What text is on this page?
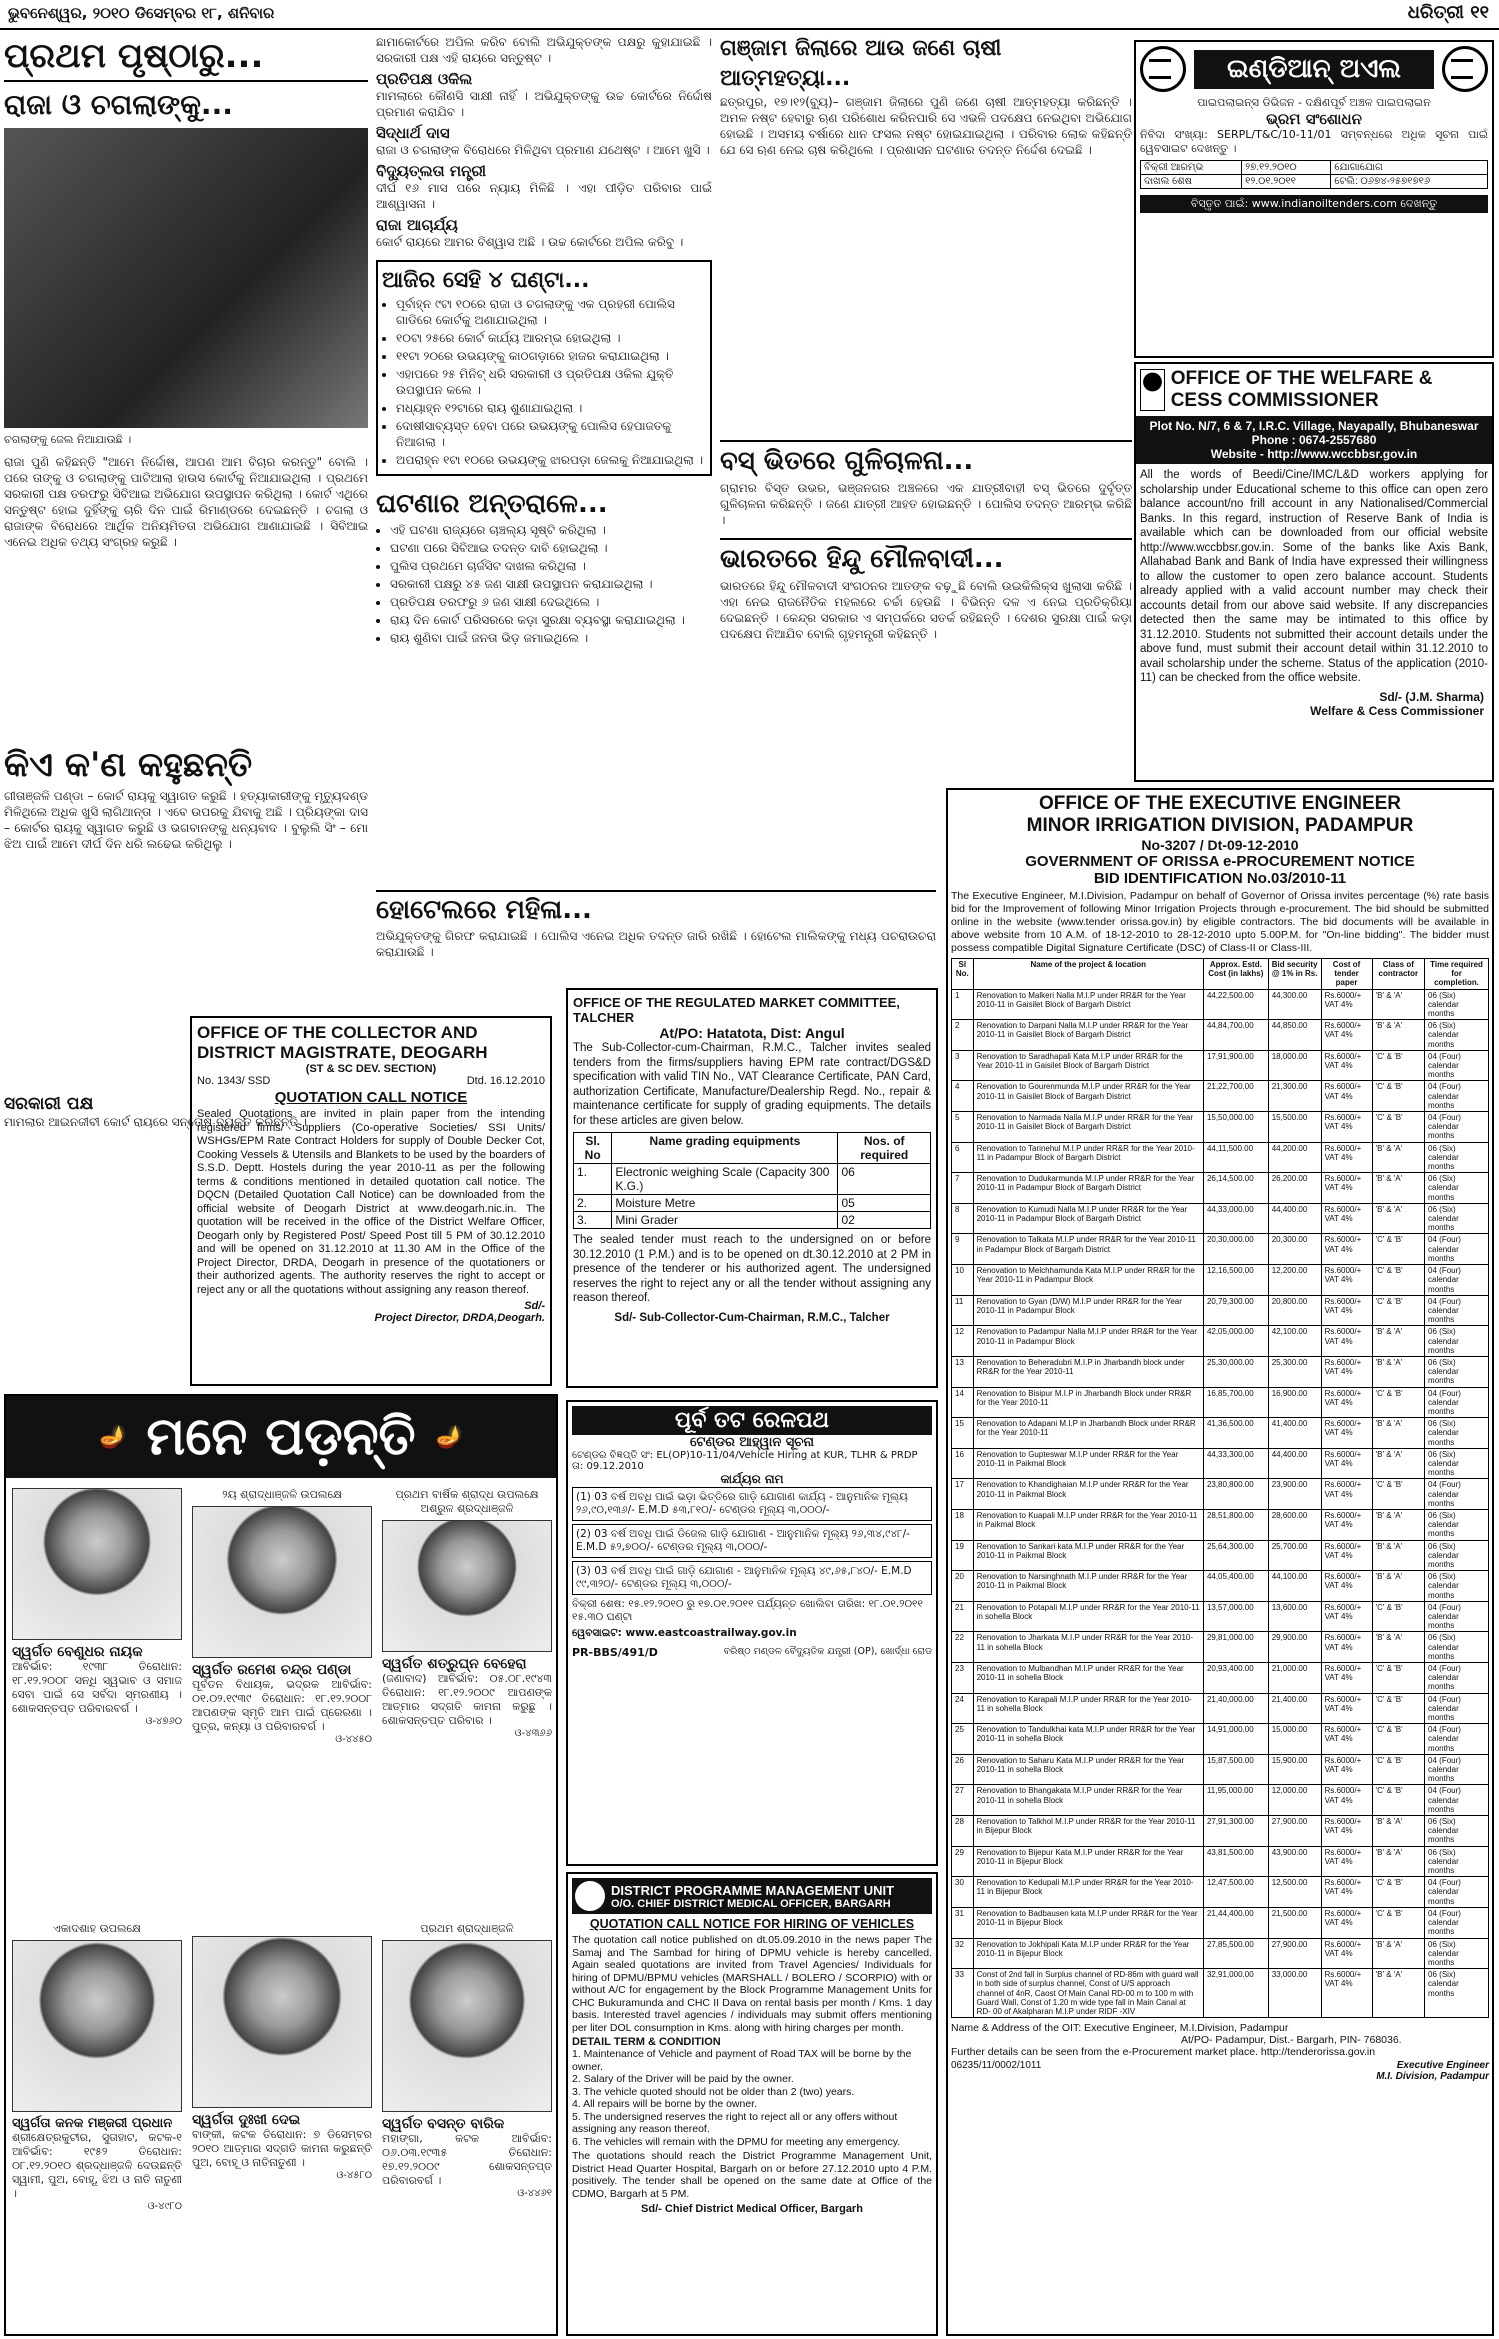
ଭୁବନେଶ୍ୱର, ୨୦୧୦ ଡିସେମ୍ବର ୧୮, ଶନିବାର	ଧରିତ୍ରୀ ୧୧
ପ୍ରଥମ ପୃଷ୍ଠାରୁ...
ରାଜା ଓ ଚଗଲାଙ୍କୁ...
ଚଗଲାଙ୍କୁ ଜେଲ ନିଆଯାଉଛି ।
ରାଜା ପୁଣି କହିଛନ୍ତି "ଆମେ ନିର୍ଦ୍ଦୋଷ, ଆପଣ ଆମ ବିଚାର କରନ୍ତୁ" ବୋଲି । ପରେ ତାଙ୍କୁ ଓ ଚଗଲାଙ୍କୁ ପାଟିଆଲା ହାଉସ କୋର୍ଟକୁ ନିଆଯାଇଥିଲା । ପ୍ରଥମେ ସରକାରୀ ପକ୍ଷ ତରଫରୁ ସିବିଆଇ ଅଭିଯୋଗ ଉପସ୍ଥାପନ କରିଥିଲା । କୋର୍ଟ ଏଥିରେ ସନ୍ତୁଷ୍ଟ ହୋଇ ଦୁହିଁଙ୍କୁ ଚାରି ଦିନ ପାଇଁ ରିମାଣ୍ଡରେ ଦେଇଛନ୍ତି । ଚଗଲା ଓ ରାଜାଙ୍କ ବିରୋଧରେ ଆର୍ଥିକ ଅନିୟମିତତା ଅଭିଯୋଗ ଆଣାଯାଇଛି । ସିବିଆଇ ଏନେଇ ଅଧିକ ତଥ୍ୟ ସଂଗ୍ରହ କରୁଛି ।
କିଏ କ'ଣ କହୁଛନ୍ତି
ଗୀତାଞ୍ଜଳି ପଣ୍ଡା – କୋର୍ଟ ରାୟକୁ ସ୍ୱାଗତ କରୁଛି । ହତ୍ୟାକାରୀଙ୍କୁ ମୃତ୍ୟୁଦଣ୍ଡ ମିଳିଥିଲେ ଅଧିକ ଖୁସି ଲାଗିଥାନ୍ତା । ଏବେ ଉପରକୁ ଯିବାକୁ ଅଛି । ପ୍ରିୟଙ୍କା ଦାସ – କୋର୍ଟର ରାୟକୁ ସ୍ୱାଗତ କରୁଛି ଓ ଭଗବାନଙ୍କୁ ଧନ୍ୟବାଦ । ବୁଲୁଲି ସିଂ – ମୋ ଝିଅ ପାଇଁ ଆମେ ଦୀର୍ଘ ଦିନ ଧରି ଲଢେଇ କରିଥିଲୁ ।
ସରକାରୀ ପକ୍ଷ
ମାମଲାର ଆଇନଜୀବୀ କୋର୍ଟ ରାୟରେ ସନ୍ତୋଷ ବ୍ୟକ୍ତ କରିଛନ୍ତି ।
ଛାମାକୋର୍ଟରେ ଅପିଲ କରିବ ବୋଲି ଅଭିଯୁକ୍ତଙ୍କ ପକ୍ଷରୁ କୁହାଯାଇଛି । ସରକାରୀ ପକ୍ଷ ଏହି ରାୟରେ ସନ୍ତୁଷ୍ଟ ।
ପ୍ରତିପକ୍ଷ ଓକିଲ
ମାମଲାରେ କୌଣସି ସାକ୍ଷୀ ନାହିଁ । ଅଭିଯୁକ୍ତଙ୍କୁ ଉଚ୍ଚ କୋର୍ଟରେ ନିର୍ଦ୍ଦୋଷ ପ୍ରମାଣ କରାଯିବ ।
ସିଦ୍ଧାର୍ଥ ଦାସ
ରାଜା ଓ ଚଗଲାଙ୍କ ବିରୋଧରେ ମିଳିଥିବା ପ୍ରମାଣ ଯଥେଷ୍ଟ । ଆମେ ଖୁସି ।
ବିଦ୍ୟୁତ୍‌ଲତା ମନ୍ତ୍ରୀ
ଦୀର୍ଘ ୧୬ ମାସ ପରେ ନ୍ୟାୟ ମିଳିଛି । ଏହା ପୀଡ଼ିତ ପରିବାର ପାଇଁ ଆଶ୍ୱାସନା ।
ରାଜା ଆଚାର୍ଯ୍ୟ
କୋର୍ଟ ରାୟରେ ଆମର ବିଶ୍ୱାସ ଅଛି । ଉଚ୍ଚ କୋର୍ଟରେ ଅପିଲ କରିବୁ ।
ଆଜିର ସେହି ୪ ଘଣ୍ଟା...
• ପୂର୍ବାହ୍ନ ୯ଟା ୧୦ରେ ରାଜା ଓ ଚଗଲାଙ୍କୁ ଏକ ପ୍ରହରୀ ପୋଲିସ ଗାଡିରେ କୋର୍ଟକୁ ଅଣାଯାଇଥିଲା ।
• ୧୦ଟା ୨୫ରେ କୋର୍ଟ କାର୍ଯ୍ୟ ଆରମ୍ଭ ହୋଇଥିଲା ।
• ୧୧ଟା ୨୦ରେ ଉଭୟଙ୍କୁ କାଠଗଡ଼ାରେ ହାଜର କରାଯାଇଥିଲା ।
• ଏହାପରେ ୨୫ ମିନିଟ୍ ଧରି ସରକାରୀ ଓ ପ୍ରତିପକ୍ଷ ଓକିଲ ଯୁକ୍ତି ଉପସ୍ଥାପନ କଲେ ।
• ମଧ୍ୟାହ୍ନ ୧୨ଟାରେ ରାୟ ଶୁଣାଯାଇଥିଲା ।
• ଦୋଷୀସାବ୍ୟସ୍ତ ହେବା ପରେ ଉଭୟଙ୍କୁ ପୋଲିସ ହେପାଜତକୁ ନିଆଗଲା ।
• ଅପରାହ୍ନ ୧ଟା ୧୦ରେ ଉଭୟଙ୍କୁ ଝାରପଡ଼ା ଜେଲକୁ ନିଆଯାଇଥିଲା ।
ଘଟଣାର ଅନ୍ତରାଳେ...
• ଏହି ଘଟଣା ରାଜ୍ୟରେ ଚାଞ୍ଚଲ୍ୟ ସୃଷ୍ଟି କରିଥିଲା ।
• ଘଟଣା ପରେ ସିବିଆଇ ତଦନ୍ତ ଦାବି ହୋଇଥିଲା ।
• ପୁଲିସ ପ୍ରଥମେ ଚାର୍ଜସିଟ ଦାଖଲ କରିଥିଲା ।
• ସରକାରୀ ପକ୍ଷରୁ ୪୫ ଜଣ ସାକ୍ଷୀ ଉପସ୍ଥାପନ କରାଯାଇଥିଲା ।
• ପ୍ରତିପକ୍ଷ ତରଫରୁ ୬ ଜଣ ସାକ୍ଷୀ ଦେଇଥିଲେ ।
• ରାୟ ଦିନ କୋର୍ଟ ପରିସରରେ କଡ଼ା ସୁରକ୍ଷା ବ୍ୟବସ୍ଥା କରାଯାଇଥିଲା ।
• ରାୟ ଶୁଣିବା ପାଇଁ ଜନତା ଭିଡ଼ ଜମାଇଥିଲେ ।
ହୋଟେଲରେ ମହିଳା...
ଅଭିଯୁକ୍ତଙ୍କୁ ଗିରଫ କରାଯାଇଛି । ପୋଲିସ ଏନେଇ ଅଧିକ ତଦନ୍ତ ଜାରି ରଖିଛି । ହୋଟେଲ ମାଲିକଙ୍କୁ ମଧ୍ୟ ପଚରାଉଚରା କରାଯାଉଛି ।
ଗଞ୍ଜାମ ଜିଲାରେ ଆଉ ଜଣେ ଚାଷୀ ଆତ୍ମହତ୍ୟା...
ଛତ୍ରପୁର, ୧୭।୧୨(ବ୍ୟୁ)– ଗଞ୍ଜାମ ଜିଲାରେ ପୁଣି ଜଣେ ଚାଷୀ ଆତ୍ମହତ୍ୟା କରିଛନ୍ତି । ଅମଳ ନଷ୍ଟ ହେବାରୁ ଋଣ ପରିଶୋଧ କରିନପାରି ସେ ଏଭଳି ପଦକ୍ଷେପ ନେଇଥିବା ଅଭିଯୋଗ ହୋଇଛି । ଅସମୟ ବର୍ଷାରେ ଧାନ ଫସଲ ନଷ୍ଟ ହୋଇଯାଇଥିଲା । ପରିବାର ଲୋକ କହିଛନ୍ତି ଯେ ସେ ଋଣ ନେଇ ଚାଷ କରିଥିଲେ । ପ୍ରଶାସନ ଘଟଣାର ତଦନ୍ତ ନିର୍ଦ୍ଦେଶ ଦେଇଛି ।
ବସ୍ ଭିତରେ ଗୁଳିଚାଳନା...
ଗ୍ରାମର ବିସ୍ତ ଉଭର, ଭଞ୍ଜନଗର ଅଞ୍ଚଳରେ ଏକ ଯାତ୍ରୀବାହୀ ବସ୍ ଭିତରେ ଦୁର୍ବୃତ୍ତ ଗୁଳିଚାଳନା କରିଛନ୍ତି । ଜଣେ ଯାତ୍ରୀ ଆହତ ହୋଇଛନ୍ତି । ପୋଲିସ ତଦନ୍ତ ଆରମ୍ଭ କରିଛି ।
ଭାରତରେ ହିନ୍ଦୁ ମୌଳବାଦୀ...
ଭାରତରେ ହିନ୍ଦୁ ମୌଳବାଦୀ ସଂଗଠନର ଆତଙ୍କ ବଢ଼ୁଛି ବୋଲି ଉଇକିଲିକ୍ସ ଖୁଲାସା କରିଛି । ଏହା ନେଇ ରାଜନୈତିକ ମହଲରେ ଚର୍ଚ୍ଚା ହେଉଛି । ବିଭିନ୍ନ ଦଳ ଏ ନେଇ ପ୍ରତିକ୍ରିୟା ଦେଇଛନ୍ତି । କେନ୍ଦ୍ର ସରକାର ଏ ସମ୍ପର୍କରେ ସତର୍କ ରହିଛନ୍ତି । ଦେଶର ସୁରକ୍ଷା ପାଇଁ କଡ଼ା ପଦକ୍ଷେପ ନିଆଯିବ ବୋଲି ଗୃହମନ୍ତ୍ରୀ କହିଛନ୍ତି ।
ଇଣ୍ଡିଆନ୍ ଅଏଲ
ପାଇପଲାଇନ୍ସ ଡିଭିଜନ - ଦକ୍ଷିଣପୂର୍ବ ଅଞ୍ଚଳ ପାଇପଲାଇନ
ଭ୍ରମ ସଂଶୋଧନ
ନିବିଦା ସଂଖ୍ୟା: SERPL/T&C/10-11/01 ସମ୍ବନ୍ଧରେ ଅଧିକ ସୂଚନା ପାଇଁ ୱେବସାଇଟ ଦେଖନ୍ତୁ ।
ବିକ୍ରୀ ଆରମ୍ଭ	୨୭.୧୨.୨୦୧୦	ଯୋଗାଯୋଗ
ଦାଖଲ ଶେଷ	୧୨.୦୧.୨୦୧୧	ଟେଲି: ୦୬୭୪-୨୫୭୧୭୧୬
ବିସ୍ତୃତ ପାଇଁ: www.indianoiltenders.com ଦେଖନ୍ତୁ
OFFICE OF THE WELFARE & CESS COMMISSIONER
Plot No. N/7, 6 & 7, I.R.C. Village, Nayapally, Bhubaneswar
Phone : 0674-2557680
Website - http://www.wccbbsr.gov.in
All the words of Beedi/Cine/IMC/L&D workers applying for scholarship under Educational scheme to this office can open zero balance account/no frill account in any Nationalised/Commercial Banks. In this regard, instruction of Reserve Bank of India is available which can be downloaded from our official website http://www.wccbbsr.gov.in. Some of the banks like Axis Bank, Allahabad Bank and Bank of India have expressed their willingness to allow the customer to open zero balance account. Students already applied with a valid account number may check their accounts detail from our above said website. If any discrepancies detected then the same may be intimated to this office by 31.12.2010. Students not submitted their account details under the above fund, must submit their account detail within 31.12.2010 to avail scholarship under the scheme. Status of the application (2010-11) can be checked from the office website.
Sd/- (J.M. Sharma)
Welfare & Cess Commissioner
OFFICE OF THE EXECUTIVE ENGINEER
MINOR IRRIGATION DIVISION, PADAMPUR
No-3207 / Dt-09-12-2010
GOVERNMENT OF ORISSA e-PROCUREMENT NOTICE
BID IDENTIFICATION No.03/2010-11
The Executive Engineer, M.I.Division, Padampur on behalf of Governor of Orissa invites percentage (%) rate basis bid for the Improvement of following Minor Irrigation Projects through e-procurement. The bid should be submitted online in the website (www.tender orissa.gov.in) by eligible contractors. The bid documents will be available in above website from 10 A.M. of 18-12-2010 to 28-12-2010 upto 5.00P.M. for "On-line bidding". The bidder must possess compatible Digital Signature Certificate (DSC) of Class-II or Class-III.
Sl No.	Name of the project & location	Approx. Estd. Cost (in lakhs)	Bid security @ 1% in Rs.	Cost of tender paper	Class of contractor	Time required for completion.
1	Renovation to Malkeri Nalla M.I.P under RR&R for the Year 2010-11 in Gaisilet Block of Bargarh District	44,22,500.00	44,300.00	Rs.6000/+ VAT 4%	'B' & 'A'	06 (Six) calendar months
2	Renovation to Darpani Nalla M.I.P under RR&R for the Year 2010-11 in Gaisilet Block of Bargarh District	44,84,700.00	44,850.00	Rs.6000/+ VAT 4%	'B' & 'A'	06 (Six) calendar months
3	Renovation to Saradhapali Kata M.I.P under RR&R for the Year 2010-11 in Gaisilet Block of Bargarh District	17,91,900.00	18,000.00	Rs.6000/+ VAT 4%	'C' & 'B'	04 (Four) calendar months
4	Renovation to Gourenmunda M.I.P under RR&R for the Year 2010-11 in Gaisilet Block of Bargarh District	21,22,700.00	21,300.00	Rs.6000/+ VAT 4%	'C' & 'B'	04 (Four) calendar months
5	Renovation to Narmada Nalla M.I.P under RR&R for the Year 2010-11 in Gaisilet Block of Bargarh District	15,50,000.00	15,500.00	Rs.6000/+ VAT 4%	'C' & 'B'	04 (Four) calendar months
6	Renovation to Tarinehul M.I.P under RR&R for the Year 2010-11 in Padampur Block of Bargarh District	44,11,500.00	44,200.00	Rs.6000/+ VAT 4%	'B' & 'A'	06 (Six) calendar months
7	Renovation to Dudukarmunda M.I.P under RR&R for the Year 2010-11 in Padampur Block of Bargarh District	26,14,500.00	26,200.00	Rs.6000/+ VAT 4%	'B' & 'A'	06 (Six) calendar months
8	Renovation to Kumudi Nalla M.I.P under RR&R for the Year 2010-11 in Padampur Block of Bargarh District	44,33,000.00	44,400.00	Rs.6000/+ VAT 4%	'B' & 'A'	06 (Six) calendar months
9	Renovation to Talkata M.I.P under RR&R for the Year 2010-11 in Padampur Block of Bargarh District	20,30,000.00	20,300.00	Rs.6000/+ VAT 4%	'C' & 'B'	04 (Four) calendar months
10	Renovation to Melchhamunda Kata M.I.P under RR&R for the Year 2010-11 in Padampur Block	12,16,500.00	12,200.00	Rs.6000/+ VAT 4%	'C' & 'B'	04 (Four) calendar months
11	Renovation to Gyan (D/W) M.I.P under RR&R for the Year 2010-11 in Padampur Block	20,79,300.00	20,800.00	Rs.6000/+ VAT 4%	'C' & 'B'	04 (Four) calendar months
12	Renovation to Padampur Nalla M.I.P under RR&R for the Year 2010-11 in Padampur Block	42,05,000.00	42,100.00	Rs.6000/+ VAT 4%	'B' & 'A'	06 (Six) calendar months
13	Renovation to Beheradubri M.I.P in Jharbandh block under RR&R for the Year 2010-11	25,30,000.00	25,300.00	Rs.6000/+ VAT 4%	'B' & 'A'	06 (Six) calendar months
14	Renovation to Bisipur M.I.P in Jharbandh Block under RR&R for the Year 2010-11	16,85,700.00	16,900.00	Rs.6000/+ VAT 4%	'C' & 'B'	04 (Four) calendar months
15	Renovation to Adapani M.I.P in Jharbandh Block under RR&R for the Year 2010-11	41,36,500.00	41,400.00	Rs.6000/+ VAT 4%	'B' & 'A'	06 (Six) calendar months
16	Renovation to Gupteswar M.I.P under RR&R for the Year 2010-11 in Paikmal Block	44,33,300.00	44,400.00	Rs.6000/+ VAT 4%	'B' & 'A'	06 (Six) calendar months
17	Renovation to Khandighaian M.I.P under RR&R for the Year 2010-11 in Paikmal Block	23,80,800.00	23,900.00	Rs.6000/+ VAT 4%	'C' & 'B'	04 (Four) calendar months
18	Renovation to Kuapali M.I.P under RR&R for the Year 2010-11 in Paikmal Block	28,51,800.00	28,600.00	Rs.6000/+ VAT 4%	'B' & 'A'	06 (Six) calendar months
19	Renovation to Sankari kata M.I.P under RR&R for the Year 2010-11 in Paikmal Block	25,64,300.00	25,700.00	Rs.6000/+ VAT 4%	'B' & 'A'	06 (Six) calendar months
20	Renovation to Narsinghnath M.I.P under RR&R for the Year 2010-11 in Paikmal Block	44,05,400.00	44,100.00	Rs.6000/+ VAT 4%	'B' & 'A'	06 (Six) calendar months
21	Renovation to Potapali M.I.P under RR&R for the Year 2010-11 in sohella Block	13,57,000.00	13,600.00	Rs.6000/+ VAT 4%	'C' & 'B'	04 (Four) calendar months
22	Renovation to Jharkata M.I.P under RR&R for the Year 2010-11 in sohella Block	29,81,000.00	29,900.00	Rs.6000/+ VAT 4%	'B' & 'A'	06 (Six) calendar months
23	Renovation to Mulbandhan M.I.P under RR&R for the Year 2010-11 in sohella Block	20,93,400.00	21,000.00	Rs.6000/+ VAT 4%	'C' & 'B'	04 (Four) calendar months
24	Renovation to Karapali M.I.P under RR&R for the Year 2010-11 in sohella Block	21,40,000.00	21,400.00	Rs.6000/+ VAT 4%	'C' & 'B'	04 (Four) calendar months
25	Renovation to Tandulkhai kata M.I.P under RR&R for the Year 2010-11 in sohella Block	14,91,000.00	15,000.00	Rs.6000/+ VAT 4%	'C' & 'B'	04 (Four) calendar months
26	Renovation to Saharu Kata M.I.P under RR&R for the Year 2010-11 in sohella Block	15,87,500.00	15,900.00	Rs.6000/+ VAT 4%	'C' & 'B'	04 (Four) calendar months
27	Renovation to Bhangakata M.I.P under RR&R for the Year 2010-11 in sohella Block	11,95,000.00	12,000.00	Rs.6000/+ VAT 4%	'C' & 'B'	04 (Four) calendar months
28	Renovation to Talkhol M.I.P under RR&R for the Year 2010-11 in Bijepur Block	27,91,300.00	27,900.00	Rs.6000/+ VAT 4%	'B' & 'A'	06 (Six) calendar months
29	Renovation to Bijepur Kata M.I.P under RR&R for the Year 2010-11 in Bijepur Block	43,81,500.00	43,900.00	Rs.6000/+ VAT 4%	'B' & 'A'	06 (Six) calendar months
30	Renovation to Kedupali M.I.P under RR&R for the Year 2010-11 in Bijepur Block	12,47,500.00	12,500.00	Rs.6000/+ VAT 4%	'C' & 'B'	04 (Four) calendar months
31	Renovation to Badbausen kata M.I.P under RR&R for the Year 2010-11 in Bijepur Block	21,44,400.00	21,500.00	Rs.6000/+ VAT 4%	'C' & 'B'	04 (Four) calendar months
32	Renovation to Jokhipali Kata M.I.P under RR&R for the Year 2010-11 in Bijepur Block	27,85,500.00	27,900.00	Rs.6000/+ VAT 4%	'B' & 'A'	06 (Six) calendar months
33	Const of 2nd fall in Surplus channel of RD-86m with guard wall in both side of surplus channel, Const of U/S approach channel of 4nR, Caost Of Main Canal RD-00 m to 100 m with Guard Wall, Const of 1.20 m wide type fall in Main Canal at RD- 00 of Akalpharan M.I.P under RIDF -XIV	32,91,000.00	33,000.00	Rs.6000/+ VAT 4%	'B' & 'A'	06 (Six) calendar months
Name & Address of the OIT: Executive Engineer, M.I.Division, Padampur
At/PO- Padampur, Dist.- Bargarh, PIN- 768036.
Further details can be seen from the e-Procurement market place. http://tenderorissa.gov.in
06235/11/0002/1011	Executive Engineer
M.I. Division, Padampur
OFFICE OF THE COLLECTOR AND DISTRICT MAGISTRATE, DEOGARH
(ST & SC DEV. SECTION)
No. 1343/ SSD	Dtd. 16.12.2010
QUOTATION CALL NOTICE
Sealed Quotations are invited in plain paper from the intending registered firms/ Suppliers (Co-operative Societies/ SSI Units/ WSHGs/EPM Rate Contract Holders for supply of Double Decker Cot, Cooking Vessels & Utensils and Blankets to be used by the boarders of S.S.D. Deptt. Hostels during the year 2010-11 as per the following terms & conditions mentioned in detailed quotation call notice. The DQCN (Detailed Quotation Call Notice) can be downloaded from the official website of Deogarh District at www.deogarh.nic.in. The quotation will be received in the office of the District Welfare Officer, Deogarh only by Registered Post/ Speed Post till 5 PM of 30.12.2010 and will be opened on 31.12.2010 at 11.30 AM in the Office of the Project Director, DRDA, Deogarh in presence of the quotationers or their authorized agents. The authority reserves the right to accept or reject any or all the quotations without assigning any reason thereof.
Sd/-
Project Director, DRDA,Deogarh.
OFFICE OF THE REGULATED MARKET COMMITTEE, TALCHER
At/PO: Hatatota, Dist: Angul
The Sub-Collector-cum-Chairman, R.M.C., Talcher invites sealed tenders from the firms/suppliers having EPM rate contract/DGS&D specification with valid TIN No., VAT Clearance Certificate, PAN Card, authorization Certificate, Manufacture/Dealership Regd. No., repair & maintenance certificate for supply of grading equipments. The details for these articles are given below.
Sl. No	Name grading equipments	Nos. of required
1.	Electronic weighing Scale (Capacity 300 K.G.)	06
2.	Moisture Metre	05
3.	Mini Grader	02
The sealed tender must reach to the undersigned on or before 30.12.2010 (1 P.M.) and is to be opened on dt.30.12.2010 at 2 PM in presence of the tenderer or his authorized agent. The undersigned reserves the right to reject any or all the tender without assigning any reason thereof.
Sd/- Sub-Collector-Cum-Chairman, R.M.C., Talcher
🪔 ମନେ ପଡ଼ନ୍ତି 🪔
ସ୍ୱର୍ଗତ ବେଣୁଧର ନାୟକ
ଆବିର୍ଭାବ: ୧୯୩୮ ତିରୋଧାନ: ୧୮.୧୨.୨୦୦୮ ସନ୍ଧି ସ୍ୱଭାବ ଓ ସମାଜ ସେବା ପାଇଁ ସେ ସର୍ବଦା ସ୍ମରଣୀୟ । ଶୋକସନ୍ତପ୍ତ ପରିବାରବର୍ଗ ।
ଓ-୪୭୬୦
୨ୟ ଶ୍ରାଦ୍ଧାଞ୍ଜଳି ଉପଲକ୍ଷେ
ସ୍ୱର୍ଗତ ରମେଶ ଚନ୍ଦ୍ର ପଣ୍ଡା
ପୂର୍ବତନ ବିଧାୟକ, ଭଦ୍ରକ ଆବିର୍ଭାବ: ୦୧.୦୨.୧୯୩୯ ତିରୋଧାନ: ୧୮.୧୨.୨୦୦୮ ଆପଣଙ୍କ ସ୍ମୃତି ଆମ ପାଇଁ ପ୍ରେରଣା । ପୁତ୍ର, କନ୍ୟା ଓ ପରିବାରବର୍ଗ ।
ଓ-୪୪୫୦
ପ୍ରଥମ ବାର୍ଷିକ ଶ୍ରାଦ୍ଧ ଉପଲକ୍ଷେ ଅଶ୍ରୁଳ ଶ୍ରଦ୍ଧାଞ୍ଜଳି
ସ୍ୱର୍ଗତ ଶତ୍ରୁଘ୍ନ ବେହେରା
(ଜଣାବାଦ) ଆବିର୍ଭାବ: ୦୫.୦୮.୧୯୪୩ ତିରୋଧାନ: ୧୮.୧୨.୨୦୦୯ ଆପଣଙ୍କ ଆତ୍ମାର ସଦ୍‌ଗତି କାମନା କରୁଛୁ । ଶୋକସନ୍ତପ୍ତ ପରିବାର ।
ଓ-୪୩୬୬
ଏକାଦଶାହ ଉପଲକ୍ଷେ
ସ୍ୱର୍ଗତା କନକ ମଞ୍ଜରୀ ପ୍ରଧାନ
ଶ୍ରୀକ୍ଷେତ୍ରକୁଟୀର, ସୁତାହାଟ, କଟକ-୧ ଆବିର୍ଭାବ: ୧୯୫୨ ତିରୋଧାନ: ୦୮.୧୨.୨୦୧୦ ଶ୍ରଦ୍ଧାଞ୍ଜଳି ଦେଉଛନ୍ତି ସ୍ୱାମୀ, ପୁଅ, ବୋହୂ, ଝିଅ ଓ ନାତି ନାତୁଣୀ ।
ଓ-୪୯୮୦
ସ୍ୱର୍ଗତା ଦୁଃଖୀ ଦେଇ
ବାଙ୍କୀ, କଟକ ତିରୋଧାନ: ୭ ଡିସେମ୍ବର ୨୦୧୦ ଆତ୍ମାର ସଦ୍‌ଗତି କାମନା କରୁଛନ୍ତି ପୁଅ, ବୋହୂ ଓ ନାତିନାତୁଣୀ ।
ଓ-୪୫୮୦
ପ୍ରଥମ ଶ୍ରାଦ୍ଧାଞ୍ଜଳି
ସ୍ୱର୍ଗତ ବସନ୍ତ ବାରିକ
ମହାଙ୍ଗା, କଟକ ଆବିର୍ଭାବ: ୦୬.୦୩.୧୯୩୫ ତିରୋଧାନ: ୧୭.୧୨.୨୦୦୯ ଶୋକସନ୍ତପ୍ତ ପରିବାରବର୍ଗ ।
ଓ-୪୪୬୧
ପୂର୍ବ ତଟ ରେଳପଥ
ଟେଣ୍ଡର ଆହ୍ୱାନ ସୂଚନା
ଟେଣ୍ଡର ବିଜ୍ଞପ୍ତି ସଂ: EL(OP)10-11/04/Vehicle Hiring at KUR, TLHR & PRDP ତା: 09.12.2010
କାର୍ଯ୍ୟର ନାମ
(1) 03 ବର୍ଷ ଅବଧି ପାଇଁ ଭଡ଼ା ଭିତ୍ତିରେ ଗାଡ଼ି ଯୋଗାଣ କାର୍ଯ୍ୟ - ଆନୁମାନିକ ମୂଲ୍ୟ ୨୬,୯୦,୧୩୬/- E.M.D ୫୩,୮୧୦/- ଟେଣ୍ଡର ମୂଲ୍ୟ ୩,୦୦୦/-
(2) 03 ବର୍ଷ ଅବଧି ପାଇଁ ଡିଜେଲ ଗାଡ଼ି ଯୋଗାଣ - ଆନୁମାନିକ ମୂଲ୍ୟ ୨୬,୩୪,୯୪୮/- E.M.D ୫୨,୭୦୦/- ଟେଣ୍ଡର ମୂଲ୍ୟ ୩,୦୦୦/-
(3) 03 ବର୍ଷ ଅବଧି ପାଇଁ ଗାଡ଼ି ଯୋଗାଣ - ଆନୁମାନିକ ମୂଲ୍ୟ ୪୯,୬୫,୮୪୦/- E.M.D ୯୯,୩୨୦/- ଟେଣ୍ଡର ମୂଲ୍ୟ ୩,୦୦୦/-
ବିକ୍ରୀ ଶେଷ: ୧୫.୧୨.୨୦୧୦ ରୁ ୧୭.୦୧.୨୦୧୧ ପର୍ଯ୍ୟନ୍ତ ଖୋଲିବା ତାରିଖ: ୧୮.୦୧.୨୦୧୧ ୧୫.୩୦ ଘଣ୍ଟା
ୱେବସାଇଟ: www.eastcoastrailway.gov.in
PR-BBS/491/D	ବରିଷ୍ଠ ମଣ୍ଡଳ ବୈଦ୍ୟୁତିକ ଯନ୍ତ୍ରୀ (OP), ଖୋର୍ଦ୍ଧା ରୋଡ
DISTRICT PROGRAMME MANAGEMENT UNIT
O/O. CHIEF DISTRICT MEDICAL OFFICER, BARGARH
QUOTATION CALL NOTICE FOR HIRING OF VEHICLES
The quotation call notice published on dt.05.09.2010 in the news paper The Samaj and The Sambad for hiring of DPMU vehicle is hereby cancelled. Again sealed quotations are invited from Travel Agencies/ Individuals for hiring of DPMU/BPMU vehicles (MARSHALL / BOLERO / SCORPIO) with or without A/C for engagement by the Block Programme Management Units for CHC Bukuramunda and CHC II Dava on rental basis per month / Kms. 1 day basis. Interested travel agencies / individuals may submit offers mentioning per liter DOL consumption in Kms. along with hiring charges per month.
DETAIL TERM & CONDITION
1. Maintenance of Vehicle and payment of Road TAX will be borne by the owner.
2. Salary of the Driver will be paid by the owner.
3. The vehicle quoted should not be older than 2 (two) years.
4. All repairs will be borne by the owner.
5. The undersigned reserves the right to reject all or any offers without assigning any reason thereof.
6. The vehicles will remain with the DPMU for meeting any emergency.
The quotations should reach the District Programme Management Unit, District Head Quarter Hospital, Bargarh on or before 27.12.2010 upto 4 P.M. positively. The tender shall be opened on the same date at Office of the CDMO, Bargarh at 5 PM.
Sd/- Chief District Medical Officer, Bargarh
